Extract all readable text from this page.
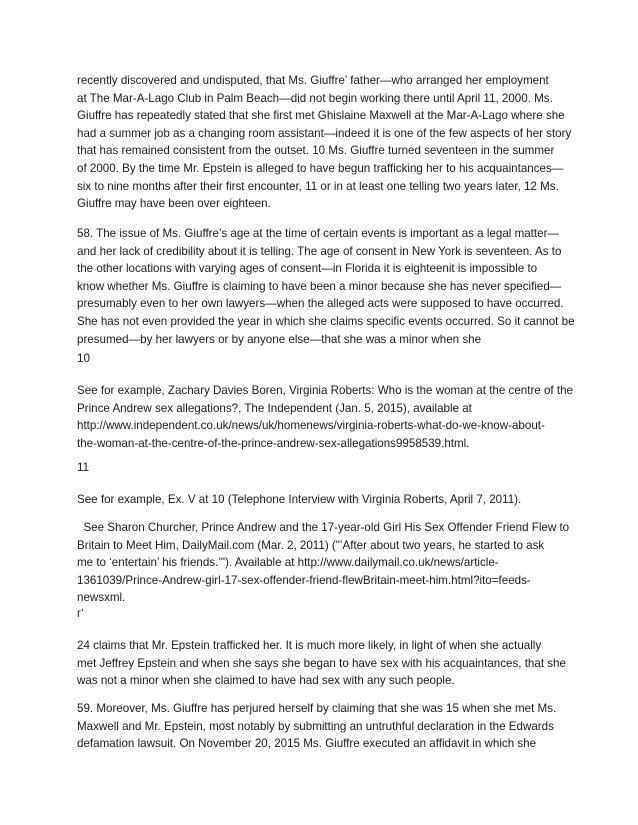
recently discovered and undisputed, that Ms. Giuffre’ father—who arranged her employment
at The Mar-A-Lago Club in Palm Beach—did not begin working there until April 11, 2000. Ms.
Giuffre has repeatedly stated that she first met Ghislaine Maxwell at the Mar-A-Lago where she
had a summer job as a changing room assistant—indeed it is one of the few aspects of her story
that has remained consistent from the outset. 10 Ms. Giuffre turned seventeen in the summer
of 2000. By the time Mr. Epstein is alleged to have begun trafficking her to his acquaintances—
six to nine months after their first encounter, 11 or in at least one telling two years later, 12 Ms.
Giuffre may have been over eighteen.

58. The issue of Ms. Giuffre’s age at the time of certain events is important as a legal matter—
and her lack of credibility about it is telling. The age of consent in New York is seventeen. As to
the other locations with varying ages of consent—in Florida it is eighteenit is impossible to
know whether Ms. Giuffre is claiming to have been a minor because she has never specified—
presumably even to her own lawyers—when the alleged acts were supposed to have occurred.
She has not even provided the year in which she claims specific events occurred. So it cannot be
presumed—by her lawyers or by anyone else—that she was a minor when she

10

See for example, Zachary Davies Boren, Virginia Roberts: Who is the woman at the centre of the
Prince Andrew sex allegations?, The Independent (Jan. 5, 2015), available at
http://www.independent.co.uk/news/uk/homenews/virginia-roberts-what-do-we-know-about-
the-woman-at-the-centre-of-the-prince-andrew-sex-allegations9958539.html.

11

See for example, Ex. V at 10 (Telephone Interview with Virginia Roberts, April 7, 2011).

See Sharon Churcher, Prince Andrew and the 17-year-old Girl His Sex Offender Friend Flew to
Britain to Meet Him, DailyMail.com (Mar. 2, 2011) ("’After about two years, he started to ask
me to ‘entertain’ his friends.’"). Available at http://www.dailymail.co.uk/news/article-
1361039/Prince-Andrew-girl-17-sex-offender-friend-flewBritain-meet-him.html?ito=feeds-
newsxml.

ᴦ‘

24 claims that Mr. Epstein trafficked her. It is much more likely, in light of when she actually
met Jeffrey Epstein and when she says she began to have sex with his acquaintances, that she
was not a minor when she claimed to have had sex with any such people.

59. Moreover, Ms. Giuffre has perjured herself by claiming that she was 15 when she met Ms.
Maxwell and Mr. Epstein, most notably by submitting an untruthful declaration in the Edwards
defamation lawsuit. On November 20, 2015 Ms. Giuffre executed an affidavit in which she
